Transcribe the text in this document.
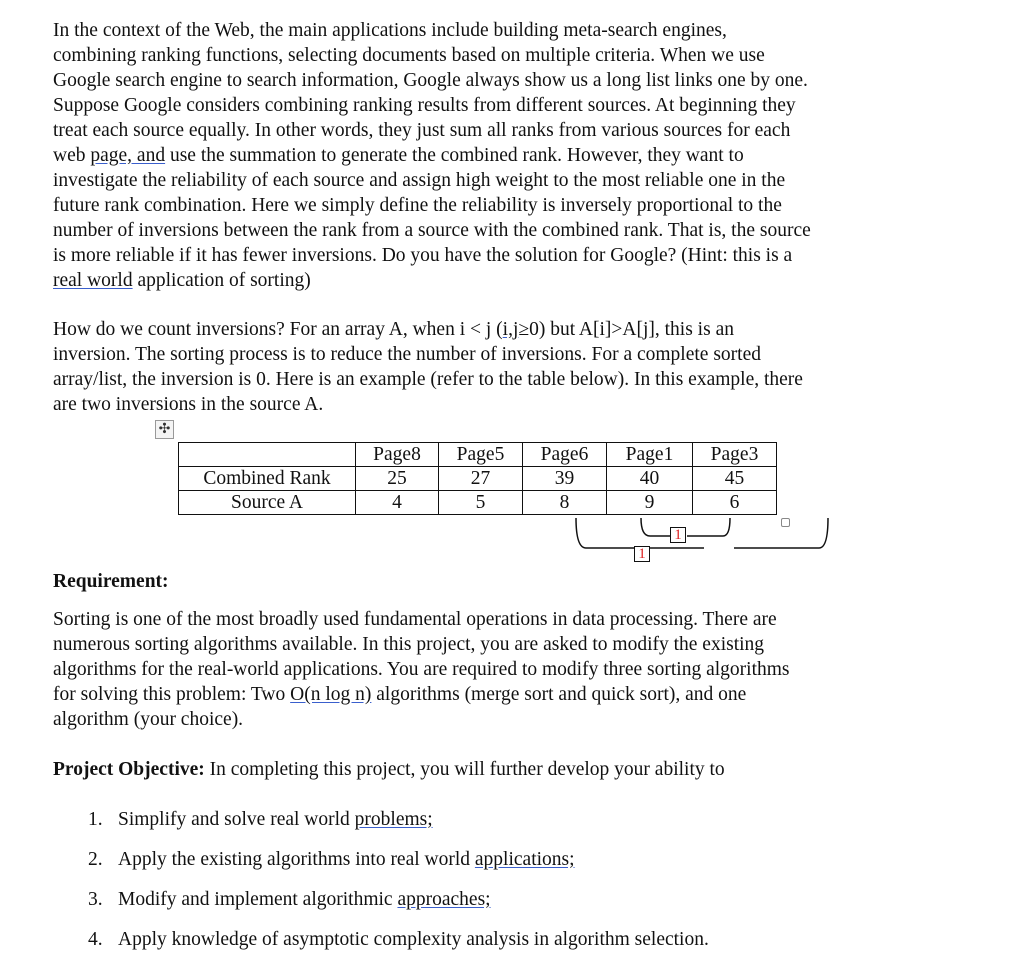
In the context of the Web, the main applications include building meta-search engines,
combining ranking functions, selecting documents based on multiple criteria. When we use
Google search engine to search information, Google always show us a long list links one by one.
Suppose Google considers combining ranking results from different sources. At beginning they
treat each source equally. In other words, they just sum all ranks from various sources for each
web page, and use the summation to generate the combined rank. However, they want to
investigate the reliability of each source and assign high weight to the most reliable one in the
future rank combination. Here we simply define the reliability is inversely proportional to the
number of inversions between the rank from a source with the combined rank. That is, the source
is more reliable if it has fewer inversions. Do you have the solution for Google? (Hint: this is a
real world application of sorting)
How do we count inversions? For an array A, when i < j (i,j≥0) but A[i]>A[j], this is an
inversion. The sorting process is to reduce the number of inversions. For a complete sorted
array/list, the inversion is 0. Here is an example (refer to the table below). In this example, there
are two inversions in the source A.
✣
	Page8	Page5	Page6	Page1	Page3
Combined Rank	25	27	39	40	45
Source A	4	5	8	9	6
1
1
Requirement:
Sorting is one of the most broadly used fundamental operations in data processing. There are
numerous sorting algorithms available. In this project, you are asked to modify the existing
algorithms for the real-world applications. You are required to modify three sorting algorithms
for solving this problem: Two O(n log n) algorithms (merge sort and quick sort), and one
algorithm (your choice).
Project Objective: In completing this project, you will further develop your ability to
1. Simplify and solve real world problems;
2. Apply the existing algorithms into real world applications;
3. Modify and implement algorithmic approaches;
4. Apply knowledge of asymptotic complexity analysis in algorithm selection.
